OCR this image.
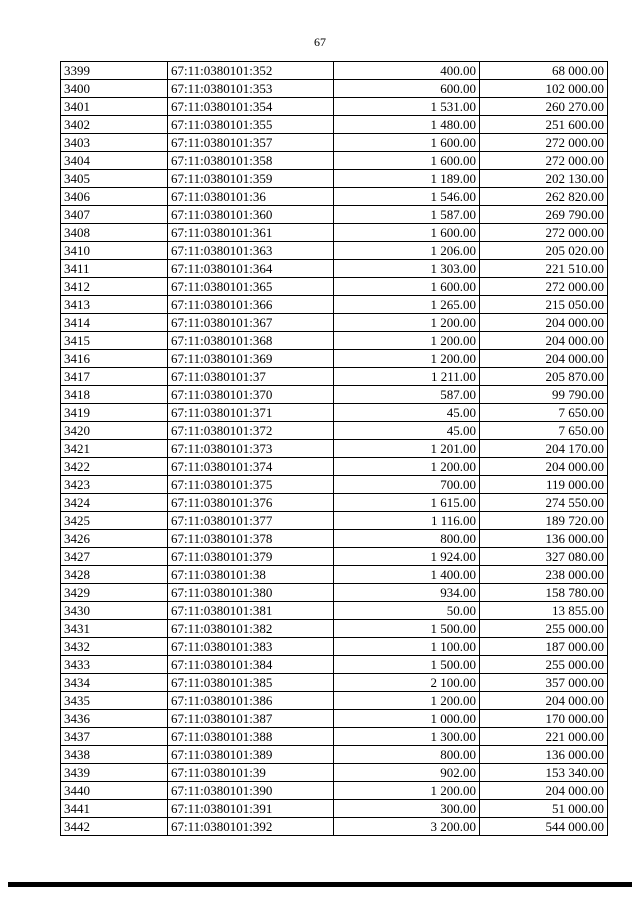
67
3399	67:11:0380101:352	400.00	68 000.00
3400	67:11:0380101:353	600.00	102 000.00
3401	67:11:0380101:354	1 531.00	260 270.00
3402	67:11:0380101:355	1 480.00	251 600.00
3403	67:11:0380101:357	1 600.00	272 000.00
3404	67:11:0380101:358	1 600.00	272 000.00
3405	67:11:0380101:359	1 189.00	202 130.00
3406	67:11:0380101:36	1 546.00	262 820.00
3407	67:11:0380101:360	1 587.00	269 790.00
3408	67:11:0380101:361	1 600.00	272 000.00
3410	67:11:0380101:363	1 206.00	205 020.00
3411	67:11:0380101:364	1 303.00	221 510.00
3412	67:11:0380101:365	1 600.00	272 000.00
3413	67:11:0380101:366	1 265.00	215 050.00
3414	67:11:0380101:367	1 200.00	204 000.00
3415	67:11:0380101:368	1 200.00	204 000.00
3416	67:11:0380101:369	1 200.00	204 000.00
3417	67:11:0380101:37	1 211.00	205 870.00
3418	67:11:0380101:370	587.00	99 790.00
3419	67:11:0380101:371	45.00	7 650.00
3420	67:11:0380101:372	45.00	7 650.00
3421	67:11:0380101:373	1 201.00	204 170.00
3422	67:11:0380101:374	1 200.00	204 000.00
3423	67:11:0380101:375	700.00	119 000.00
3424	67:11:0380101:376	1 615.00	274 550.00
3425	67:11:0380101:377	1 116.00	189 720.00
3426	67:11:0380101:378	800.00	136 000.00
3427	67:11:0380101:379	1 924.00	327 080.00
3428	67:11:0380101:38	1 400.00	238 000.00
3429	67:11:0380101:380	934.00	158 780.00
3430	67:11:0380101:381	50.00	13 855.00
3431	67:11:0380101:382	1 500.00	255 000.00
3432	67:11:0380101:383	1 100.00	187 000.00
3433	67:11:0380101:384	1 500.00	255 000.00
3434	67:11:0380101:385	2 100.00	357 000.00
3435	67:11:0380101:386	1 200.00	204 000.00
3436	67:11:0380101:387	1 000.00	170 000.00
3437	67:11:0380101:388	1 300.00	221 000.00
3438	67:11:0380101:389	800.00	136 000.00
3439	67:11:0380101:39	902.00	153 340.00
3440	67:11:0380101:390	1 200.00	204 000.00
3441	67:11:0380101:391	300.00	51 000.00
3442	67:11:0380101:392	3 200.00	544 000.00
